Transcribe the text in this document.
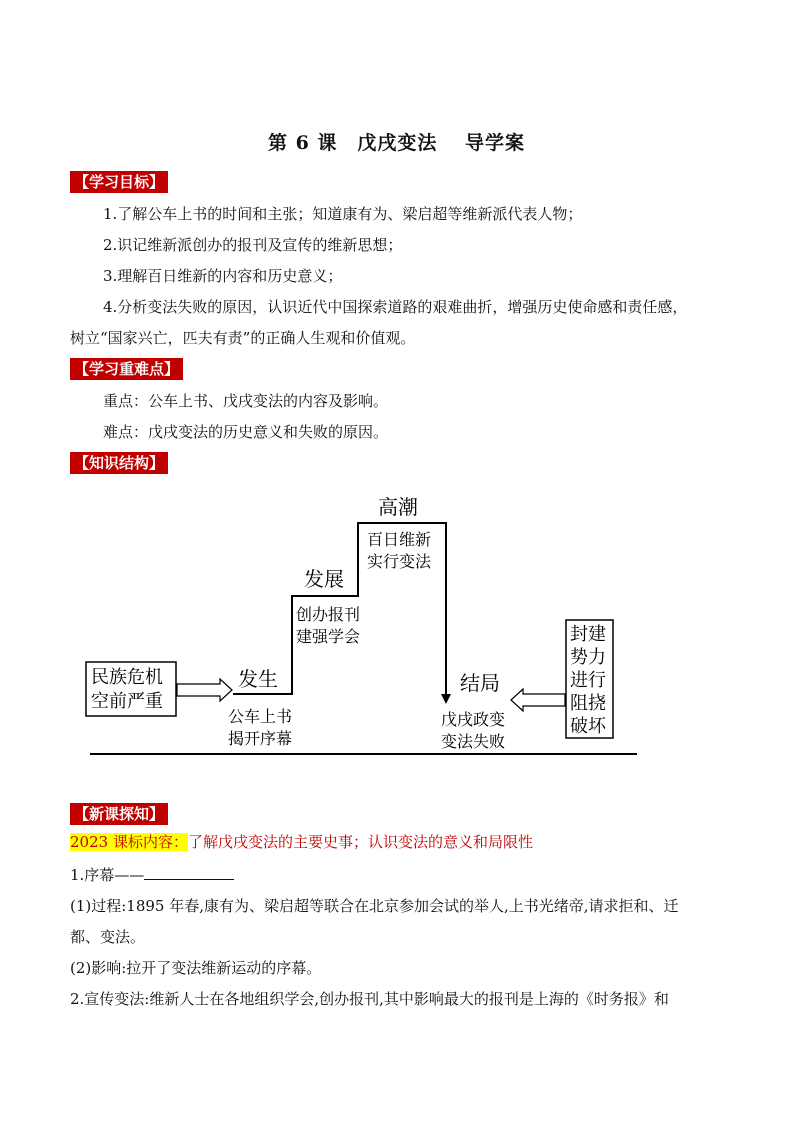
第 6 课　戊戌变法　 导学案
【学习目标】
1.了解公车上书的时间和主张；知道康有为、梁启超等维新派代表人物；
2.识记维新派创办的报刊及宣传的维新思想；
3.理解百日维新的内容和历史意义；
4.分析变法失败的原因，认识近代中国探索道路的艰难曲折，增强历史使命感和责任感，
树立“国家兴亡，匹夫有责”的正确人生观和价值观。
【学习重难点】
重点：公车上书、戊戌变法的内容及影响。
难点：戊戌变法的历史意义和失败的原因。
【知识结构】
民族危机
空前严重
发生
公车上书
揭开序幕
发展
创办报刊
建强学会
高潮
百日维新
实行变法
结局
戊戌政变
变法失败
封建
势力
进行
阻挠
破坏
【新课探知】
2023 课标内容：了解戊戌变法的主要史事；认识变法的意义和局限性
1.序幕——
(1)过程:1895 年春,康有为、梁启超等联合在北京参加会试的举人,上书光绪帝,请求拒和、迁
都、变法。
(2)影响:拉开了变法维新运动的序幕。
2.宣传变法:维新人士在各地组织学会,创办报刊,其中影响最大的报刊是上海的《时务报》和
